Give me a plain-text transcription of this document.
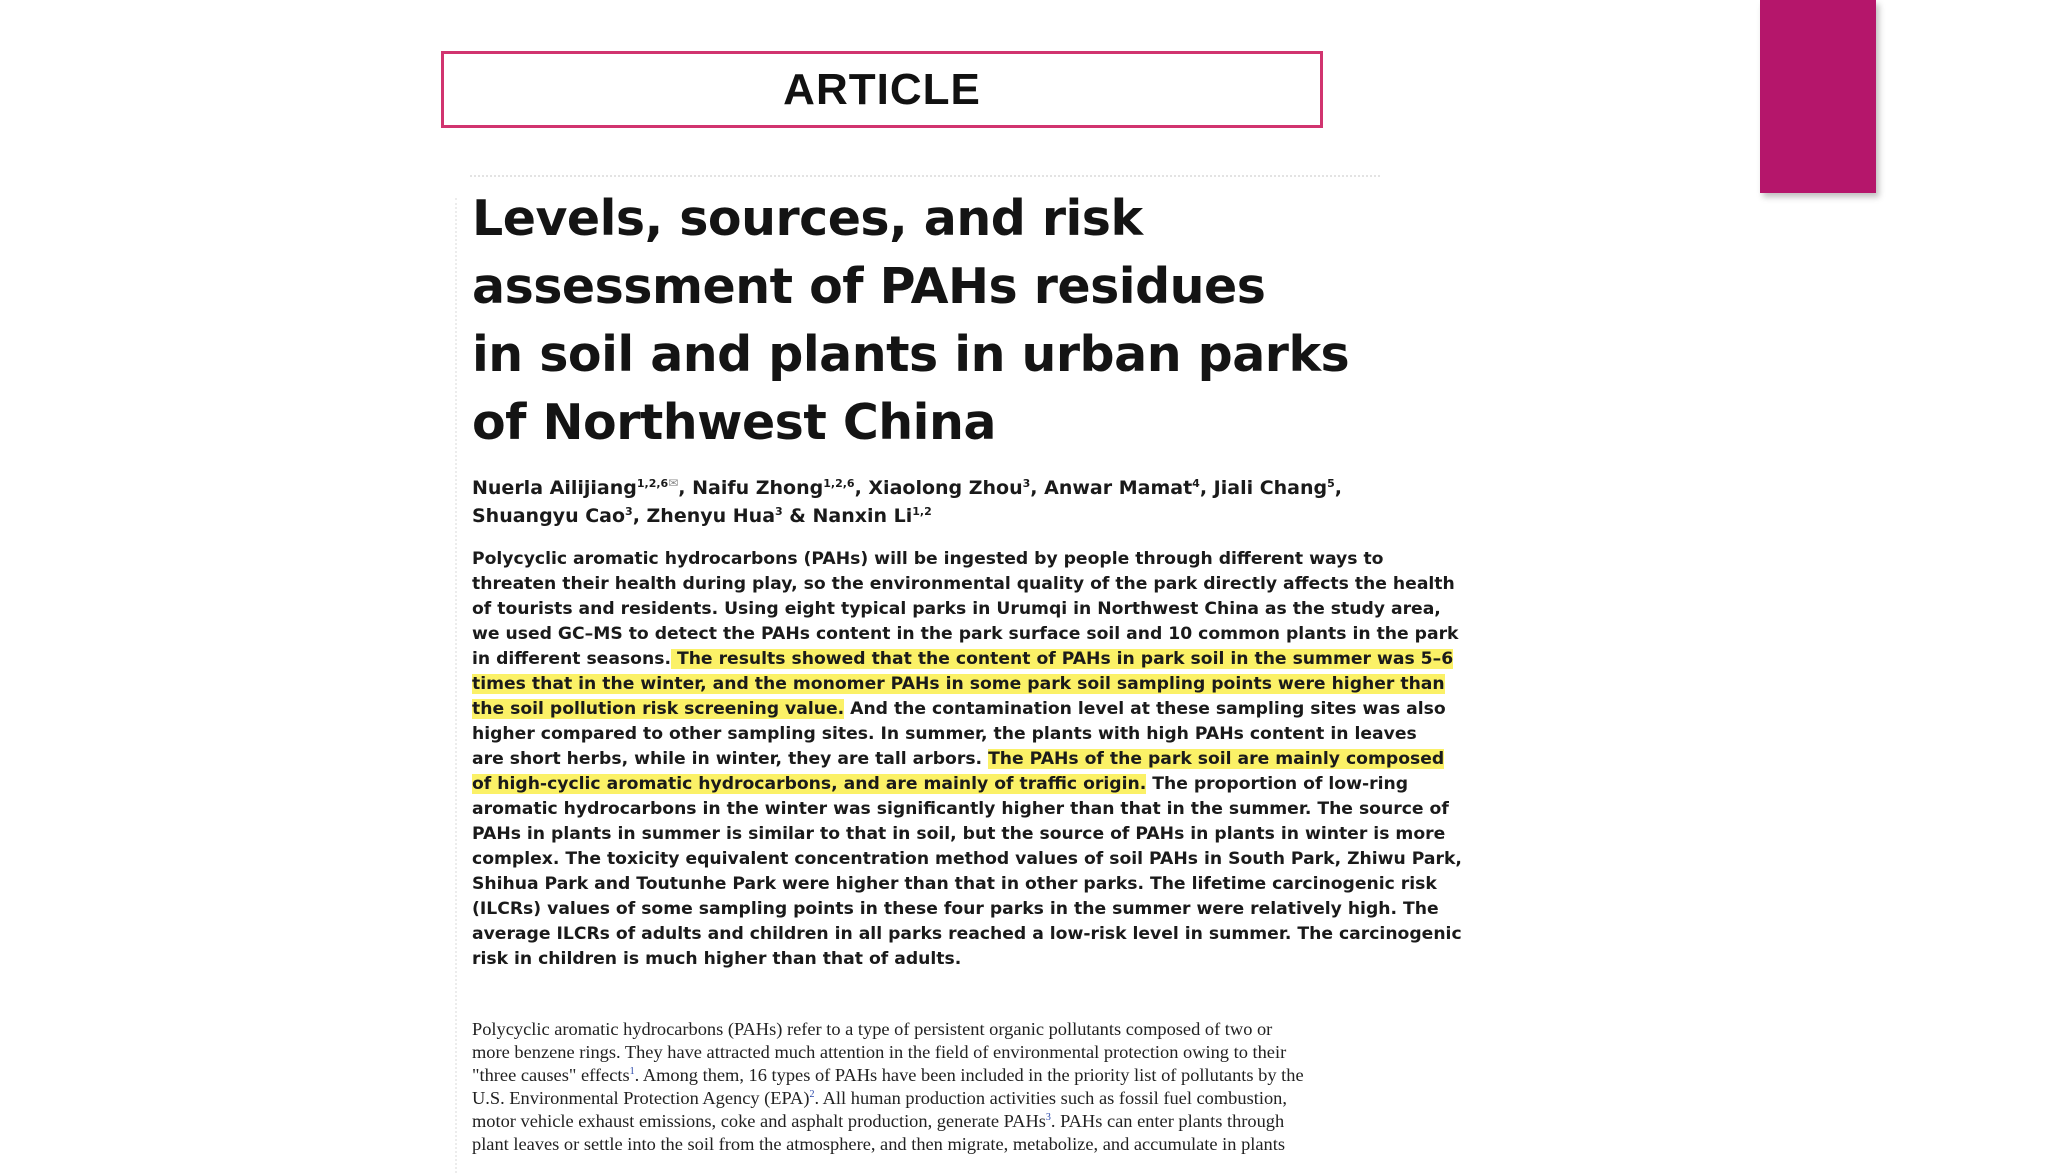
ARTICLE
Levels, sources, and risk
assessment of PAHs residues
in soil and plants in urban parks
of Northwest China
Nuerla Ailijiang$^{1,2,6✉}$, Naifu Zhong$^{1,2,6}$, Xiaolong Zhou$^3$, Anwar Mamat$^4$, Jiali Chang$^5$,
Shuangyu Cao$^3$, Zhenyu Hua$^3$ & Nanxin Li$^{1,2}$
Polycyclic aromatic hydrocarbons (PAHs) will be ingested by people through different ways to
threaten their health during play, so the environmental quality of the park directly affects the health
of tourists and residents. Using eight typical parks in Urumqi in Northwest China as the study area,
we used GC–MS to detect the PAHs content in the park surface soil and 10 common plants in the park
in different seasons. The results showed that the content of PAHs in park soil in the summer was 5–6
times that in the winter, and the monomer PAHs in some park soil sampling points were higher than
the soil pollution risk screening value. And the contamination level at these sampling sites was also
higher compared to other sampling sites. In summer, the plants with high PAHs content in leaves
are short herbs, while in winter, they are tall arbors. The PAHs of the park soil are mainly composed
of high-cyclic aromatic hydrocarbons, and are mainly of traffic origin. The proportion of low-ring
aromatic hydrocarbons in the winter was significantly higher than that in the summer. The source of
PAHs in plants in summer is similar to that in soil, but the source of PAHs in plants in winter is more
complex. The toxicity equivalent concentration method values of soil PAHs in South Park, Zhiwu Park,
Shihua Park and Toutunhe Park were higher than that in other parks. The lifetime carcinogenic risk
(ILCRs) values of some sampling points in these four parks in the summer were relatively high. The
average ILCRs of adults and children in all parks reached a low-risk level in summer. The carcinogenic
risk in children is much higher than that of adults.
Polycyclic aromatic hydrocarbons (PAHs) refer to a type of persistent organic pollutants composed of two or
more benzene rings. They have attracted much attention in the field of environmental protection owing to their
"three causes" effects$^1$. Among them, 16 types of PAHs have been included in the priority list of pollutants by the
U.S. Environmental Protection Agency (EPA)$^2$. All human production activities such as fossil fuel combustion,
motor vehicle exhaust emissions, coke and asphalt production, generate PAHs$^3$. PAHs can enter plants through
plant leaves or settle into the soil from the atmosphere, and then migrate, metabolize, and accumulate in plants
